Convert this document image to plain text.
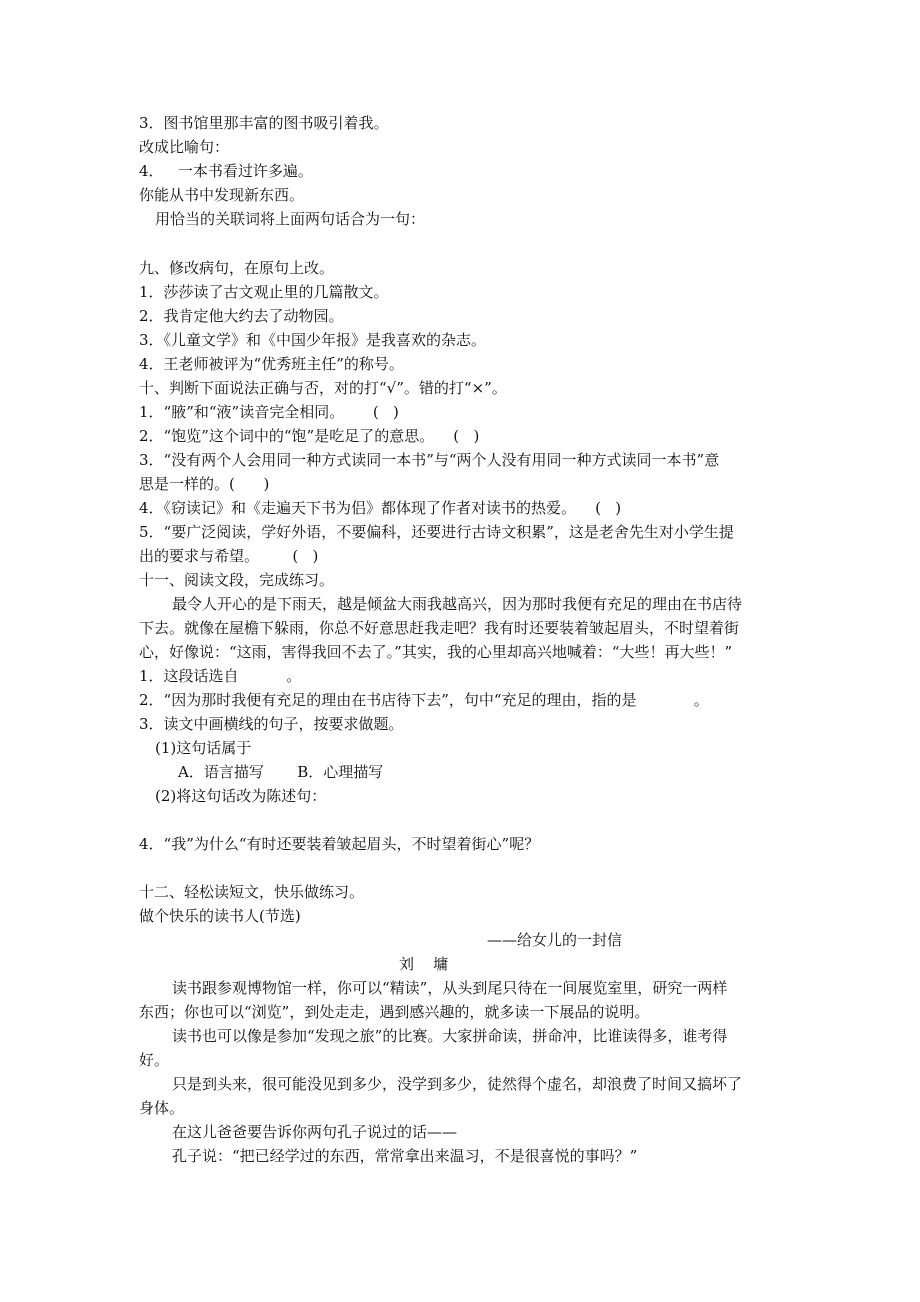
3．图书馆里那丰富的图书吸引着我。
改成比喻句：
4．   一本书看过许多遍。
你能从书中发现新东西。
用恰当的关联词将上面两句话合为一句：
九、修改病句，在原句上改。
1．莎莎读了古文观止里的几篇散文。
2．我肯定他大约去了动物园。
3．《儿童文学》和《中国少年报》是我喜欢的杂志。
4．王老师被评为“优秀班主任”的称号。
十、判断下面说法正确与否，对的打“√”。错的打“×”。
1．“腋”和“液”读音完全相同。      (   )
2．“饱览”这个词中的“饱”是吃足了的意思。    (   )
3．“没有两个人会用同一种方式读同一本书”与“两个人没有用同一种方式读同一本书”意
思是一样的。(      )
4．《窃读记》和《走遍天下书为侣》都体现了作者对读书的热爱。    (   )
5．“要广泛阅读，学好外语，不要偏科，还要进行古诗文积累”，这是老舍先生对小学生提
出的要求与希望。       (   )
十一、阅读文段，完成练习。
最令人开心的是下雨天，越是倾盆大雨我越高兴，因为那时我便有充足的理由在书店待
下去。就像在屋檐下躲雨，你总不好意思赶我走吧？我有时还要装着皱起眉头，不时望着街
心，好像说：“这雨，害得我回不去了。”其实，我的心里却高兴地喊着：“大些！再大些！”
1．这段话选自          。
2．“因为那时我便有充足的理由在书店待下去”，句中“充足的理由，指的是            。
3．读文中画横线的句子，按要求做题。
(1)这句话属于
A．语言描写       B．心理描写
(2)将这句话改为陈述句：
4．“我”为什么“有时还要装着皱起眉头，不时望着街心”呢？
十二、轻松读短文，快乐做练习。
做个快乐的读书人(节选)
——给女儿的一封信
刘    墉
读书跟参观博物馆一样，你可以“精读”，从头到尾只待在一间展览室里，研究一两样
东西；你也可以“浏览”，到处走走，遇到感兴趣的，就多读一下展品的说明。
读书也可以像是参加“发现之旅”的比赛。大家拼命读，拼命冲，比谁读得多，谁考得
好。
只是到头来，很可能没见到多少，没学到多少，徒然得个虚名，却浪费了时间又搞坏了
身体。
在这儿爸爸要告诉你两句孔子说过的话——
孔子说：“把已经学过的东西，常常拿出来温习，不是很喜悦的事吗？”
